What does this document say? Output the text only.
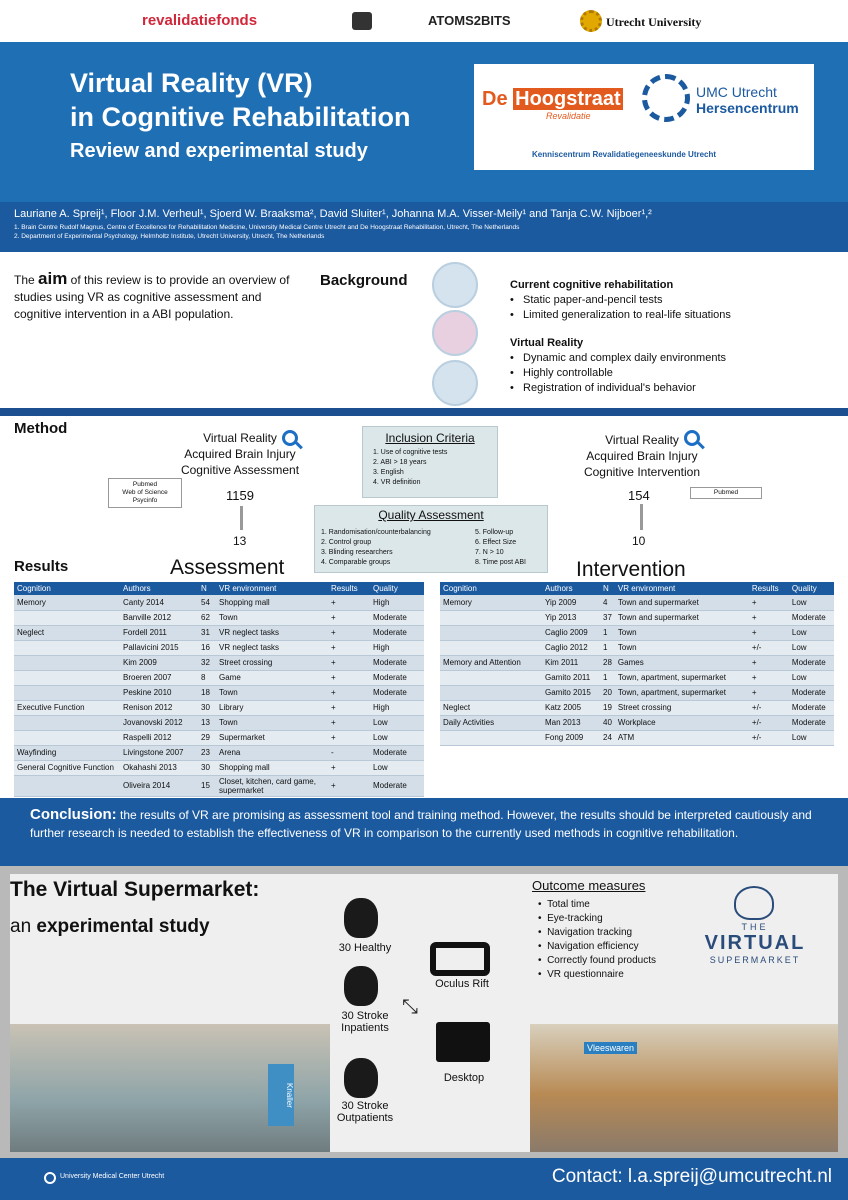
revalidatiefonds	ATOMS2BITS	Utrecht University
Virtual Reality (VR)
in Cognitive Rehabilitation
Review and experimental study
De Hoogstraat
Revalidatie
UMC Utrecht
Hersencentrum
Kenniscentrum Revalidatiegeneeskunde Utrecht
Lauriane A. Spreij¹, Floor J.M. Verheul¹, Sjoerd W. Braaksma², David Sluiter¹, Johanna M.A. Visser-Meily¹ and Tanja C.W. Nijboer¹,²
1. Brain Centre Rudolf Magnus, Centre of Excellence for Rehabilitation Medicine, University Medical Centre Utrecht and De Hoogstraat Rehabilitation, Utrecht, The Netherlands
2. Department of Experimental Psychology, Helmholtz Institute, Utrecht University, Utrecht, The Netherlands
The aim of this review is to provide an overview of studies using VR as cognitive assessment and cognitive intervention in a ABI population.
Background	Current cognitive rehabilitation
•   Static paper-and-pencil tests
•   Limited generalization to real-life situations
Virtual Reality
•   Dynamic and complex daily environments
•   Highly controllable
•   Registration of individual's behavior
Method
Virtual Reality
Acquired Brain Injury
Cognitive Assessment
Pubmed
Web of Science
Psycinfo	1159
13
Inclusion Criteria
1. Use of cognitive tests
2. ABI > 18 years
3. English
4. VR definition
Quality Assessment
1. Randomisation/counterbalancing
2. Control group
3. Blinding researchers
4. Comparable groups
5. Follow-up
6. Effect Size
7. N > 10
8. Time post ABI
Virtual Reality
Acquired Brain Injury
Cognitive Intervention
154	Pubmed
10
Results	Assessment	Intervention
Cognition	Authors	N	VR environment	Results	Quality
Memory	Canty 2014	54	Shopping mall	+	High
	Banville 2012	62	Town	+	Moderate
Neglect	Fordell 2011	31	VR neglect tasks	+	Moderate
	Pallavicini 2015	16	VR neglect tasks	+	High
	Kim 2009	32	Street crossing	+	Moderate
	Broeren 2007	8	Game	+	Moderate
	Peskine 2010	18	Town	+	Moderate
Executive Function	Renison 2012	30	Library	+	High
	Jovanovski 2012	13	Town	+	Low
	Raspelli 2012	29	Supermarket	+	Low
Wayfinding	Livingstone 2007	23	Arena	-	Moderate
General Cognitive Function	Okahashi 2013	30	Shopping mall	+	Low
	Oliveira 2014	15	Closet, kitchen, card game, supermarket	+	Moderate
Cognition	Authors	N	VR environment	Results	Quality
Memory	Yip 2009	4	Town and supermarket	+	Low
	Yip 2013	37	Town and supermarket	+	Moderate
	Caglio 2009	1	Town	+	Low
	Caglio 2012	1	Town	+/-	Low
Memory and Attention	Kim 2011	28	Games	+	Moderate
	Gamito 2011	1	Town, apartment, supermarket	+	Low
	Gamito 2015	20	Town, apartment, supermarket	+	Moderate
Neglect	Katz 2005	19	Street crossing	+/-	Moderate
Daily Activities	Man 2013	40	Workplace	+/-	Moderate
	Fong 2009	24	ATM	+/-	Low
Conclusion: the results of VR are promising as assessment tool and training method. However, the results should be interpreted cautiously and further research is needed to establish the effectiveness of VR in comparison to the currently used methods in cognitive rehabilitation.
Knaller
Vleeswaren
The Virtual Supermarket:
an experimental study
30 Healthy
30 Stroke Inpatients
30 Stroke Outpatients
⤡
Oculus Rift
Desktop
Outcome measures
•  Total time
•  Eye-tracking
•  Navigation tracking
•  Navigation efficiency
•  Correctly found products
•  VR questionnaire
THE
VIRTUAL
SUPERMARKET
University Medical Center Utrecht	Contact: l.a.spreij@umcutrecht.nl
